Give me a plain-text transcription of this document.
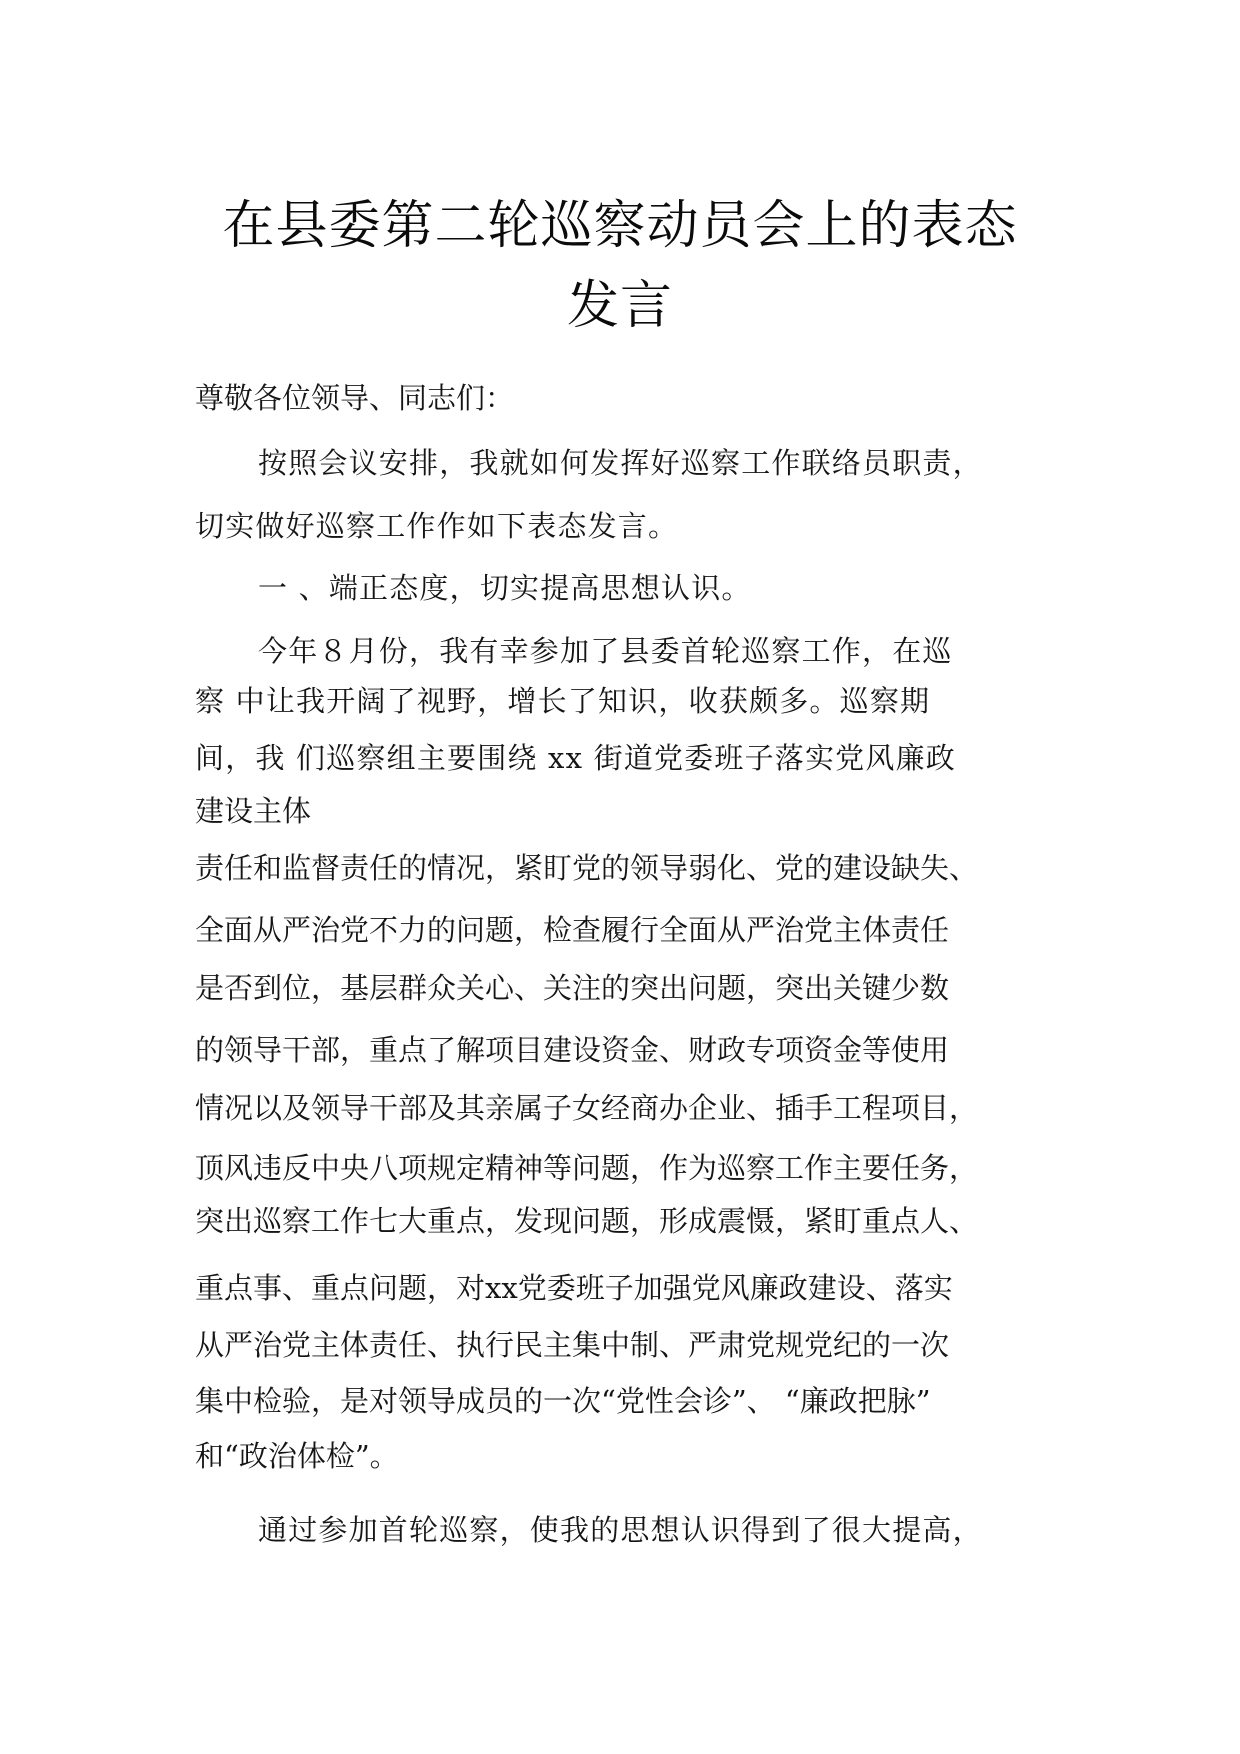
在县委第二轮巡察动员会上的表态
发言
尊敬各位领导、同志们：
按照会议安排，我就如何发挥好巡察工作联络员职责，
切实做好巡察工作作如下表态发言。
一 、端正态度，切实提高思想认识。
今年８月份，我有幸参加了县委首轮巡察工作，在巡
察 中让我开阔了视野，增长了知识，收获颇多。巡察期
间，我 们巡察组主要围绕 xx 街道党委班子落实党风廉政
建设主体
责任和监督责任的情况，紧盯党的领导弱化、党的建设缺失、
全面从严治党不力的问题，检查履行全面从严治党主体责任
是否到位，基层群众关心、关注的突出问题，突出关键少数
的领导干部，重点了解项目建设资金、财政专项资金等使用
情况以及领导干部及其亲属子女经商办企业、插手工程项目，
顶风违反中央八项规定精神等问题，作为巡察工作主要任务，
突出巡察工作七大重点，发现问题，形成震慑，紧盯重点人、
重点事、重点问题，对xx党委班子加强党风廉政建设、落实
从严治党主体责任、执行民主集中制、严肃党规党纪的一次
集中检验，是对领导成员的一次“党性会诊”、 “廉政把脉”
和“政治体检”。
通过参加首轮巡察，使我的思想认识得到了很大提高，
